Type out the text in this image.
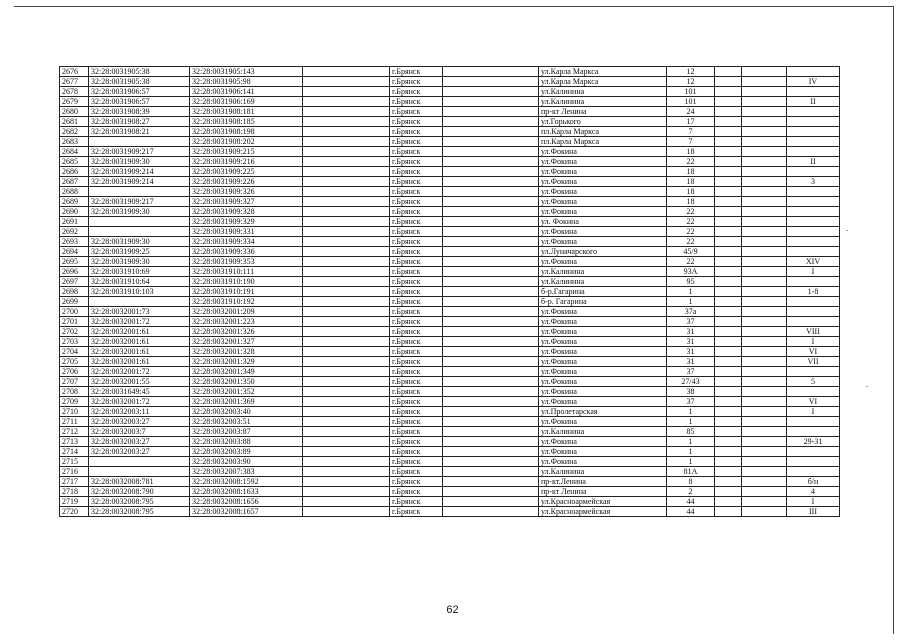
2676	32:28:0031905:38	32:28:0031905:143		г.Брянск		ул.Карла Маркса	12			
2677	32:28:0031905:38	32:28:0031905:98		г.Брянск		ул.Карла Маркса	12			IV
2678	32:28:0031906:57	32:28:0031906:141		г.Брянск		ул.Калинина	101			
2679	32:28:0031906:57	32:28:0031906:169		г.Брянск		ул.Калинина	101			II
2680	32:28:0031908:39	32:28:0031908:181		г.Брянск		пр-кт Ленина	24			
2681	32:28:0031908:27	32:28:0031908:185		г.Брянск		ул.Горького	17			
2682	32:28:0031908:21	32:28:0031908:198		г.Брянск		пл.Карла Маркса	7			
2683		32:28:0031908:202		г.Брянск		пл.Карла Маркса	7			
2684	32:28:0031909:217	32:28:0031909:215		г.Брянск		ул.Фокина	18			
2685	32:28:0031909:30	32:28:0031909:216		г.Брянск		ул.Фокина	22			II
2686	32:28:0031909:214	32:28:0031909:225		г.Брянск		ул.Фокина	18			
2687	32:28:0031909:214	32:28:0031909:226		г.Брянск		ул.Фокина	18			3
2688		32:28:0031909:326		г.Брянск		ул.Фокина	18			
2689	32:28:0031909:217	32:28:0031909:327		г.Брянск		ул.Фокина	18			
2690	32:28:0031909:30	32:28:0031909:328		г.Брянск		ул.Фокина	22			
2691		32:28:0031909:329		г.Брянск		ул. Фокина	22			
2692		32:28:0031909:331		г.Брянск		ул.Фокина	22			
2693	32:28:0031909:30	32:28:0031909:334		г.Брянск		ул.Фокина	22			
2694	32:28:0031909:25	32:28:0031909:336		г.Брянск		ул.Луначарского	45/9			
2695	32:28:0031909:30	32:28:0031909:353		г.Брянск		ул.Фокина	22			XIV
2696	32:28:0031910:69	32:28:0031910:111		г.Брянск		ул.Калинина	93А			I
2697	32:28:0031910:64	32:28:0031910:190		г.Брянск		ул.Калинина	95			
2698	32:28:0031910:103	32:28:0031910:191		г.Брянск		б-р.Гагарина	1			1-8
2699		32:28:0031910:192		г.Брянск		б-р. Гагарина	1			
2700	32:28:0032001:73	32:28:0032001:209		г.Брянск		ул.Фокина	37а			
2701	32:28:0032001:72	32:28:0032001:223		г.Брянск		ул.Фокина	37			
2702	32:28:0032001:61	32:28:0032001:326		г.Брянск		ул.Фокина	31			VIII
2703	32:28:0032001:61	32:28:0032001:327		г.Брянск		ул.Фокина	31			I
2704	32:28:0032001:61	32:28:0032001:328		г.Брянск		ул.Фокина	31			VI
2705	32:28:0032001:61	32:28:0032001:329		г.Брянск		ул.Фокина	31			VII
2706	32:28:0032001:72	32:28:0032001:349		г.Брянск		ул.Фокина	37			
2707	32:28:0032001:55	32:28:0032001:350		г.Брянск		ул.Фокина	27/43			5
2708	32:28:0031649:45	32:28:0032001:352		г.Брянск		ул.Фокина	38			
2709	32:28:0032001:72	32:28:0032001:369		г.Брянск		ул.Фокина	37			VI
2710	32:28:0032003:11	32:28:0032003:40		г.Брянск		ул.Пролетарская	1			I
2711	32:28:0032003:27	32:28:0032003:51		г.Брянск		ул.Фокина	1			
2712	32:28:0032003:7	32:28:0032003:87		г.Брянск		ул.Калинина	85			
2713	32:28:0032003:27	32:28:0032003:88		г.Брянск		ул.Фокина	1			29-31
2714	32:28:0032003:27	32:28:0032003:89		г.Брянск		ул.Фокина	1			
2715		32:28:0032003:90		г.Брянск		ул.Фокина	1			
2716		32:28:0032007:383		г.Брянск		ул.Калинина	81А			
2717	32:28:0032008:781	32:28:0032008:1592		г.Брянск		пр-кт.Ленина	8			б/н
2718	32:28:0032008:790	32:28:0032008:1633		г.Брянск		пр-кт Ленина	2			4
2719	32:28:0032008:795	32:28:0032008:1656		г.Брянск		ул.Красноармейская	44			I
2720	32:28:0032008:795	32:28:0032008:1657		г.Брянск		ул.Красноармейская	44			III
62
